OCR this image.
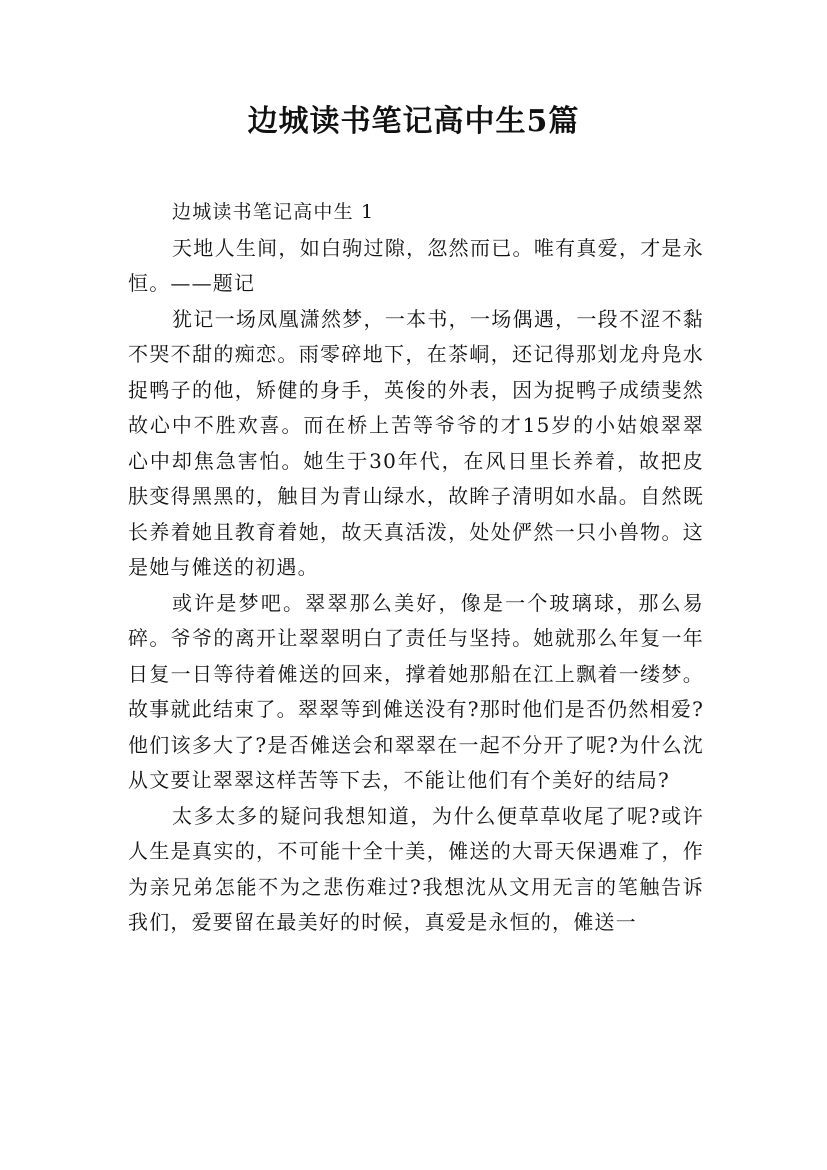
边城读书笔记高中生5篇
边城读书笔记高中生 1

天地人生间，如白驹过隙，忽然而已。唯有真爱，才是永恒。——题记

犹记一场凤凰潇然梦，一本书，一场偶遇，一段不涩不黏不哭不甜的痴恋。雨零碎地下，在茶峒，还记得那划龙舟凫水捉鸭子的他，矫健的身手，英俊的外表，因为捉鸭子成绩斐然故心中不胜欢喜。而在桥上苦等爷爷的才15岁的小姑娘翠翠心中却焦急害怕。她生于30年代，在风日里长养着，故把皮肤变得黑黑的，触目为青山绿水，故眸子清明如水晶。自然既长养着她且教育着她，故天真活泼，处处俨然一只小兽物。这是她与傩送的初遇。

或许是梦吧。翠翠那么美好，像是一个玻璃球，那么易碎。爷爷的离开让翠翠明白了责任与坚持。她就那么年复一年日复一日等待着傩送的回来，撑着她那船在江上飘着一缕梦。故事就此结束了。翠翠等到傩送没有?那时他们是否仍然相爱?他们该多大了?是否傩送会和翠翠在一起不分开了呢?为什么沈从文要让翠翠这样苦等下去，不能让他们有个美好的结局?

太多太多的疑问我想知道，为什么便草草收尾了呢?或许人生是真实的，不可能十全十美，傩送的大哥天保遇难了，作为亲兄弟怎能不为之悲伤难过?我想沈从文用无言的笔触告诉我们，爱要留在最美好的时候，真爱是永恒的，傩送一
